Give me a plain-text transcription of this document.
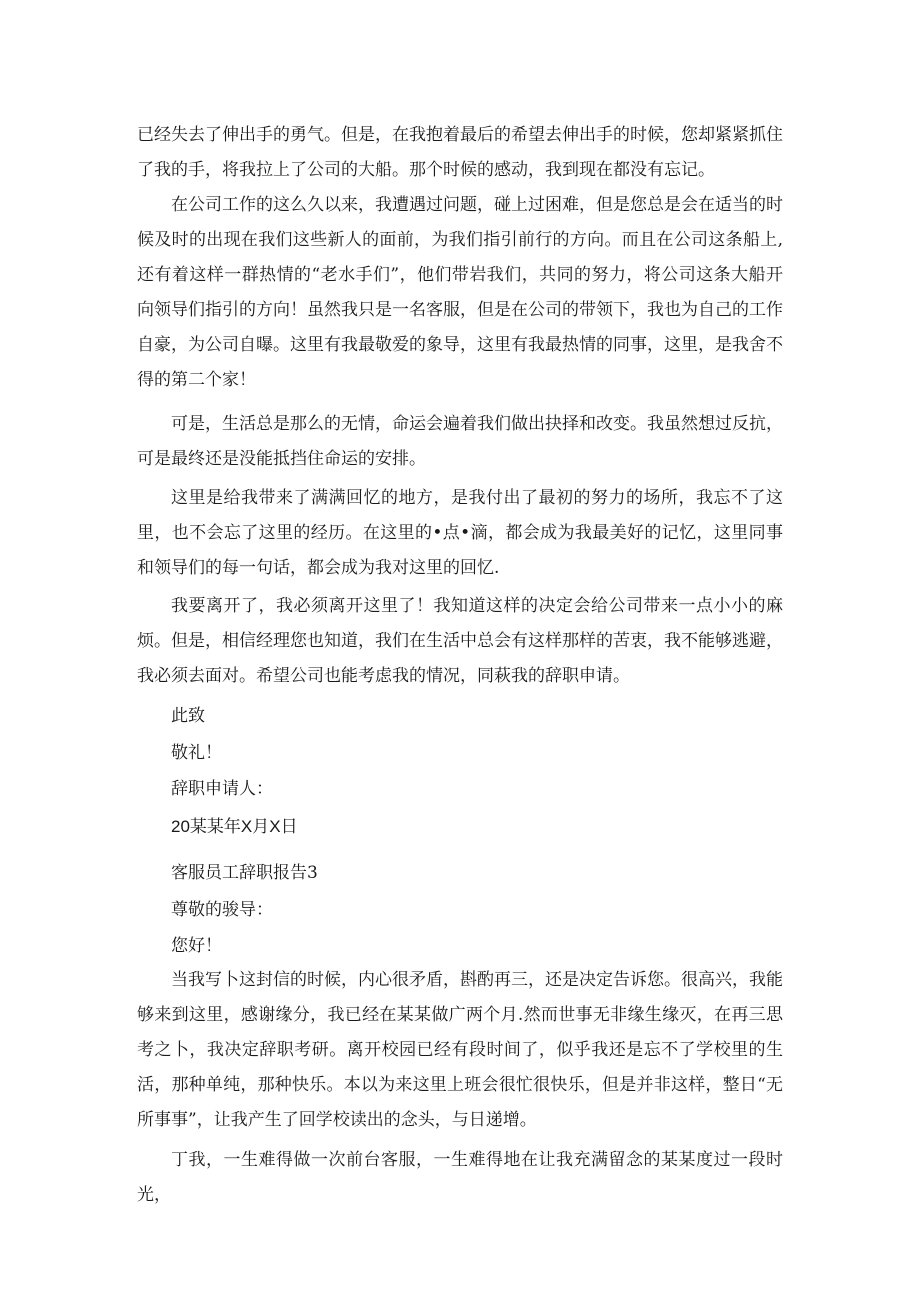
已经失去了伸出手的勇气。但是，在我抱着最后的希望去伸出手的时候，您却紧紧抓住了我的手，将我拉上了公司的大船。那个时候的感动，我到现在都没有忘记。

在公司工作的这么久以来，我遭遇过问题，碰上过困难，但是您总是会在适当的时候及时的出现在我们这些新人的面前，为我们指引前行的方向。而且在公司这条船上,还有着这样一群热情的“老水手们”，他们带岩我们，共同的努力，将公司这条大船开向领导们指引的方向！虽然我只是一名客服，但是在公司的带领下，我也为自己的工作自豪，为公司自曝。这里有我最敬爱的象导，这里有我最热情的同事，这里，是我舍不得的第二个家！

可是，生活总是那么的无情，命运会遍着我们做出抉择和改变。我虽然想过反抗，可是最终还是没能抵挡住命运的安排。

这里是给我带来了满满回忆的地方，是我付出了最初的努力的场所，我忘不了这里，也不会忘了这里的经历。在这里的•点•滴，都会成为我最美好的记忆，这里同事和领导们的每一句话，都会成为我对这里的回忆.

我要离开了，我必须离开这里了！我知道这样的决定会给公司带来一点小小的麻烦。但是，相信经理您也知道，我们在生活中总会有这样那样的苦衷，我不能够逃避，我必须去面对。希望公司也能考虑我的情况，同萩我的辞职申请。

此致

敬礼！

辞职申请人：

20某某年X月X日

客服员工辞职报告3

尊敬的骏导：

您好！

当我写卜这封信的时候，内心很矛盾，斟酌再三，还是决定告诉您。很高兴，我能够来到这里，感谢缘分，我已经在某某做广两个月.然而世事无非缘生缘灭，在再三思考之卜，我决定辞职考研。离开校园已经有段时间了，似乎我还是忘不了学校里的生活，那种单纯，那种快乐。本以为来这里上班会很忙很快乐，但是并非这样，整日“无所事事”，让我产生了回学校读出的念头，与日递增。

丁我，一生难得做一次前台客服，一生难得地在让我充满留念的某某度过一段时光，
